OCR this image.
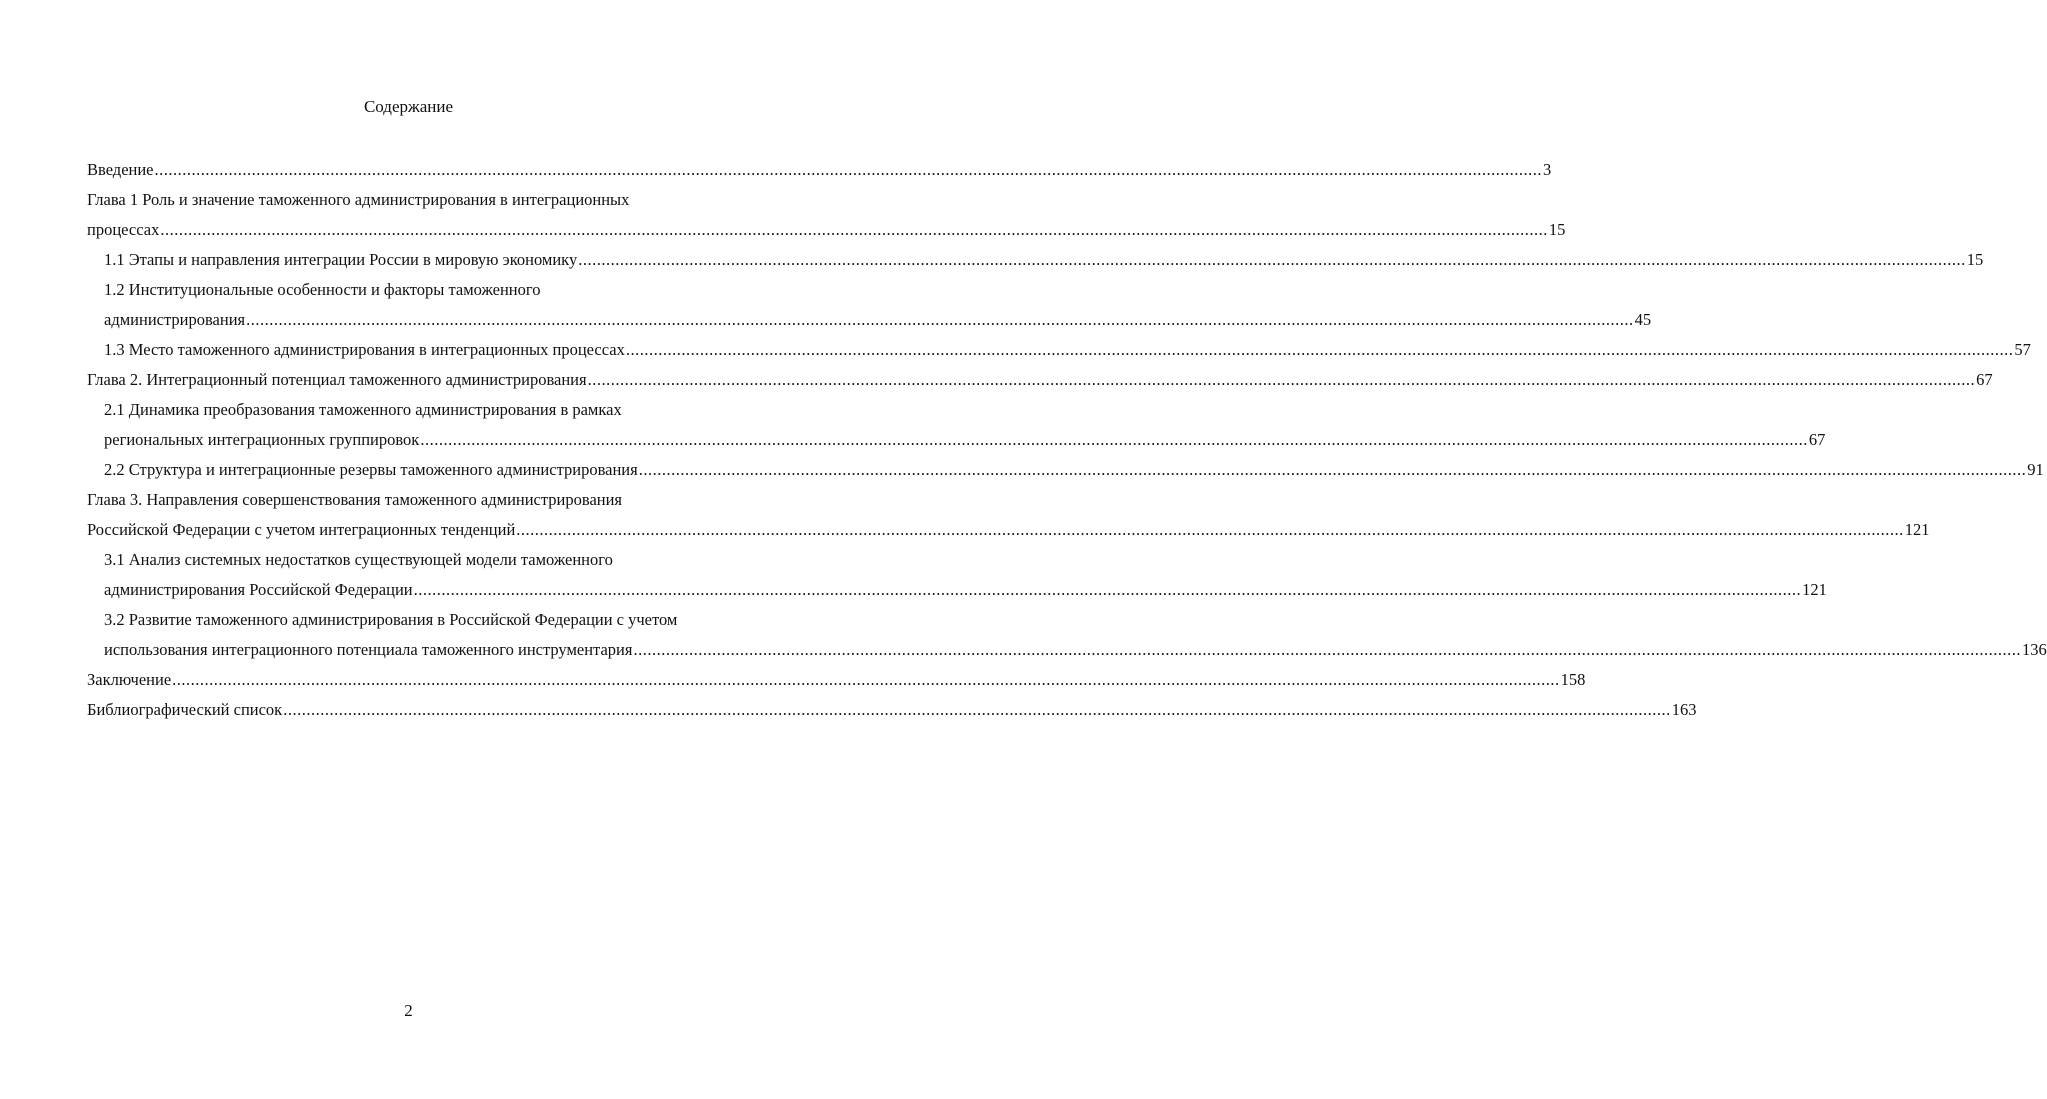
Содержание
Введение ............................................................................................................................................................................................................................................................................................................ 3
Глава 1 Роль и значение таможенного администрирования в интеграционных
процессах ............................................................................................................................................................................................................................................................................................................ 15
1.1 Этапы и направления интеграции России в мировую экономику ............................................................................................................................................................................................................................................................................................................ 15
1.2 Институциональные особенности и факторы таможенного
администрирования ............................................................................................................................................................................................................................................................................................................ 45
1.3 Место таможенного администрирования в интеграционных процессах ............................................................................................................................................................................................................................................................................................................ 57
Глава 2. Интеграционный потенциал таможенного администрирования ............................................................................................................................................................................................................................................................................................................ 67
2.1 Динамика преобразования таможенного администрирования в рамках
региональных интеграционных группировок ............................................................................................................................................................................................................................................................................................................ 67
2.2 Структура и интеграционные резервы таможенного администрирования ............................................................................................................................................................................................................................................................................................................ 91
Глава 3. Направления совершенствования таможенного администрирования
Российской Федерации с учетом интеграционных тенденций ............................................................................................................................................................................................................................................................................................................ 121
3.1 Анализ системных недостатков существующей модели таможенного
администрирования Российской Федерации ............................................................................................................................................................................................................................................................................................................ 121
3.2 Развитие таможенного администрирования в Российской Федерации с учетом
использования интеграционного потенциала таможенного инструментария ............................................................................................................................................................................................................................................................................................................ 136
Заключение ............................................................................................................................................................................................................................................................................................................ 158
Библиографический список ............................................................................................................................................................................................................................................................................................................ 163
2
